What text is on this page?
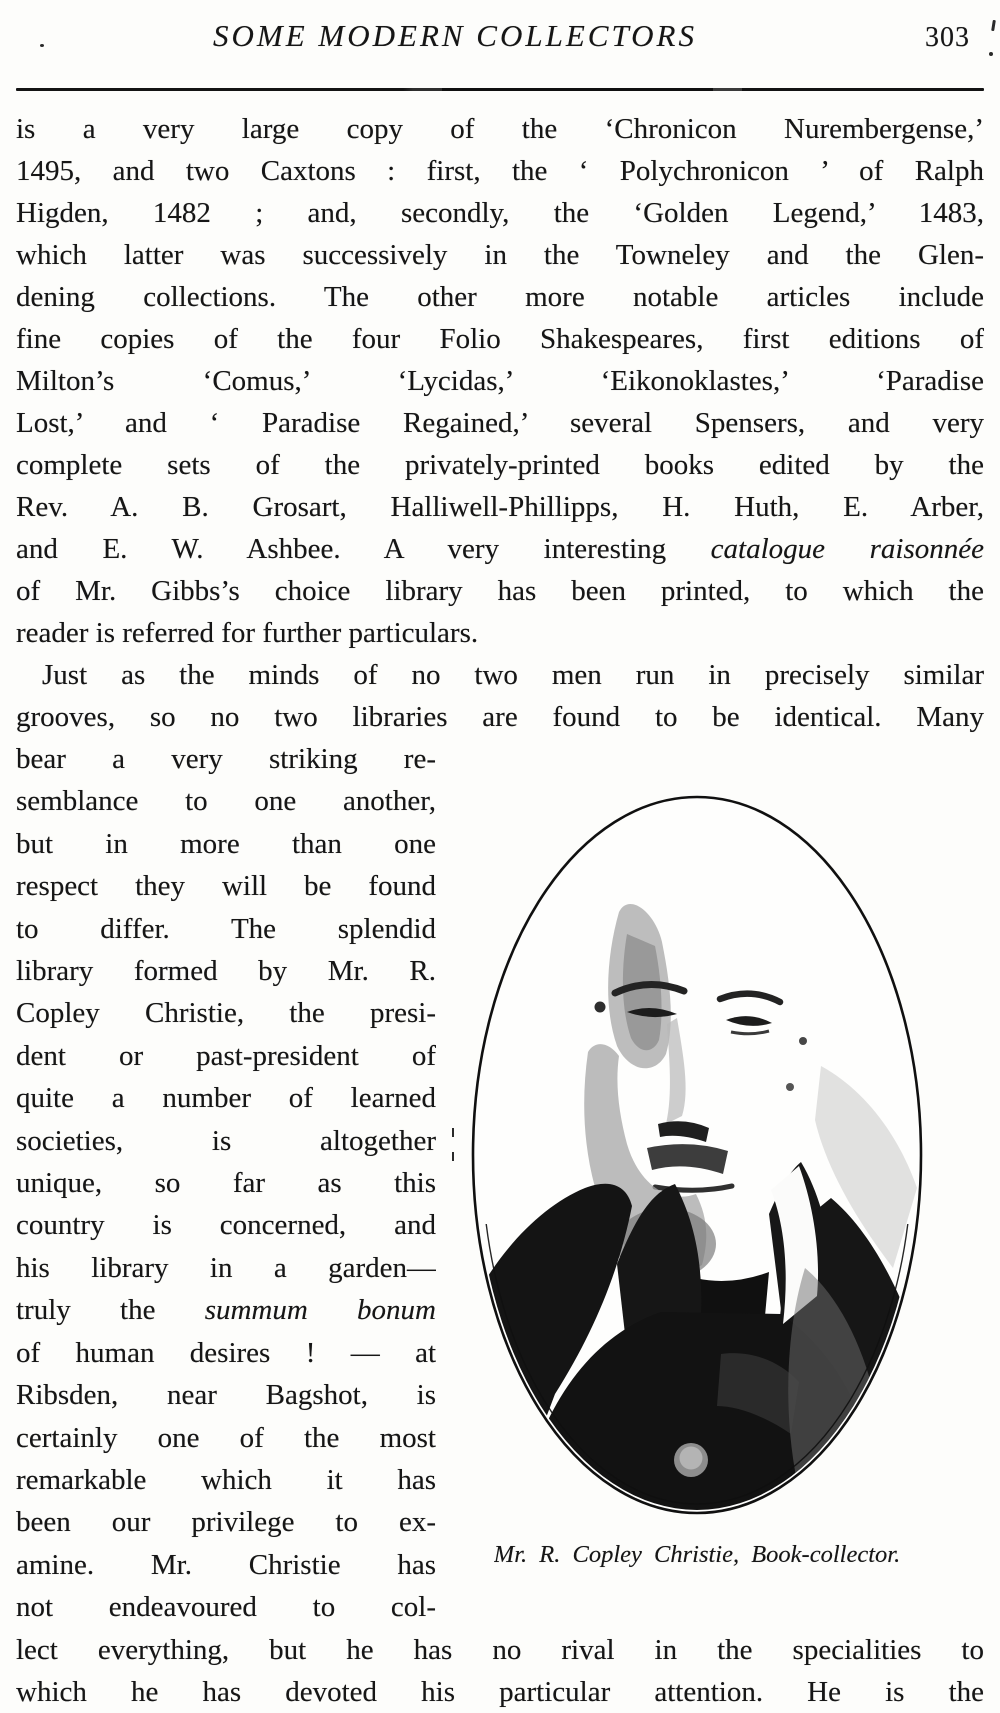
SOME MODERN COLLECTORS	303
is a very large copy of the ‘Chronicon Nurembergense,’
1495, and two Caxtons : first, the ‘ Polychronicon ’ of Ralph
Higden, 1482 ; and, secondly, the ‘Golden Legend,’ 1483,
which latter was successively in the Towneley and the Glen-
dening collections. The other more notable articles include
fine copies of the four Folio Shakespeares, first editions of
Milton’s ‘Comus,’ ‘Lycidas,’ ‘Eikonoklastes,’ ‘Paradise
Lost,’ and ‘ Paradise Regained,’ several Spensers, and very
complete sets of the privately-printed books edited by the
Rev. A. B. Grosart, Halliwell-Phillipps, H. Huth, E. Arber,
and E. W. Ashbee. A very interesting catalogue raisonnée
of Mr. Gibbs’s choice library has been printed, to which the
reader is referred for further particulars.
Just as the minds of no two men run in precisely similar
grooves, so no two libraries are found to be identical. Many
bear a very striking re-
semblance to one another,
but in more than one
respect they will be found
to differ. The splendid
library formed by Mr. R.
Copley Christie, the presi-
dent or past-president of
quite a number of learned
societies, is altogether
unique, so far as this
country is concerned, and
his library in a garden—
truly the summum bonum
of human desires ! — at
Ribsden, near Bagshot, is
certainly one of the most
remarkable which it has
been our privilege to ex-
amine. Mr. Christie has
not endeavoured to col-
Mr. R. Copley Christie, Book-collector.
lect everything, but he has no rival in the specialities to
which he has devoted his particular attention. He is the
